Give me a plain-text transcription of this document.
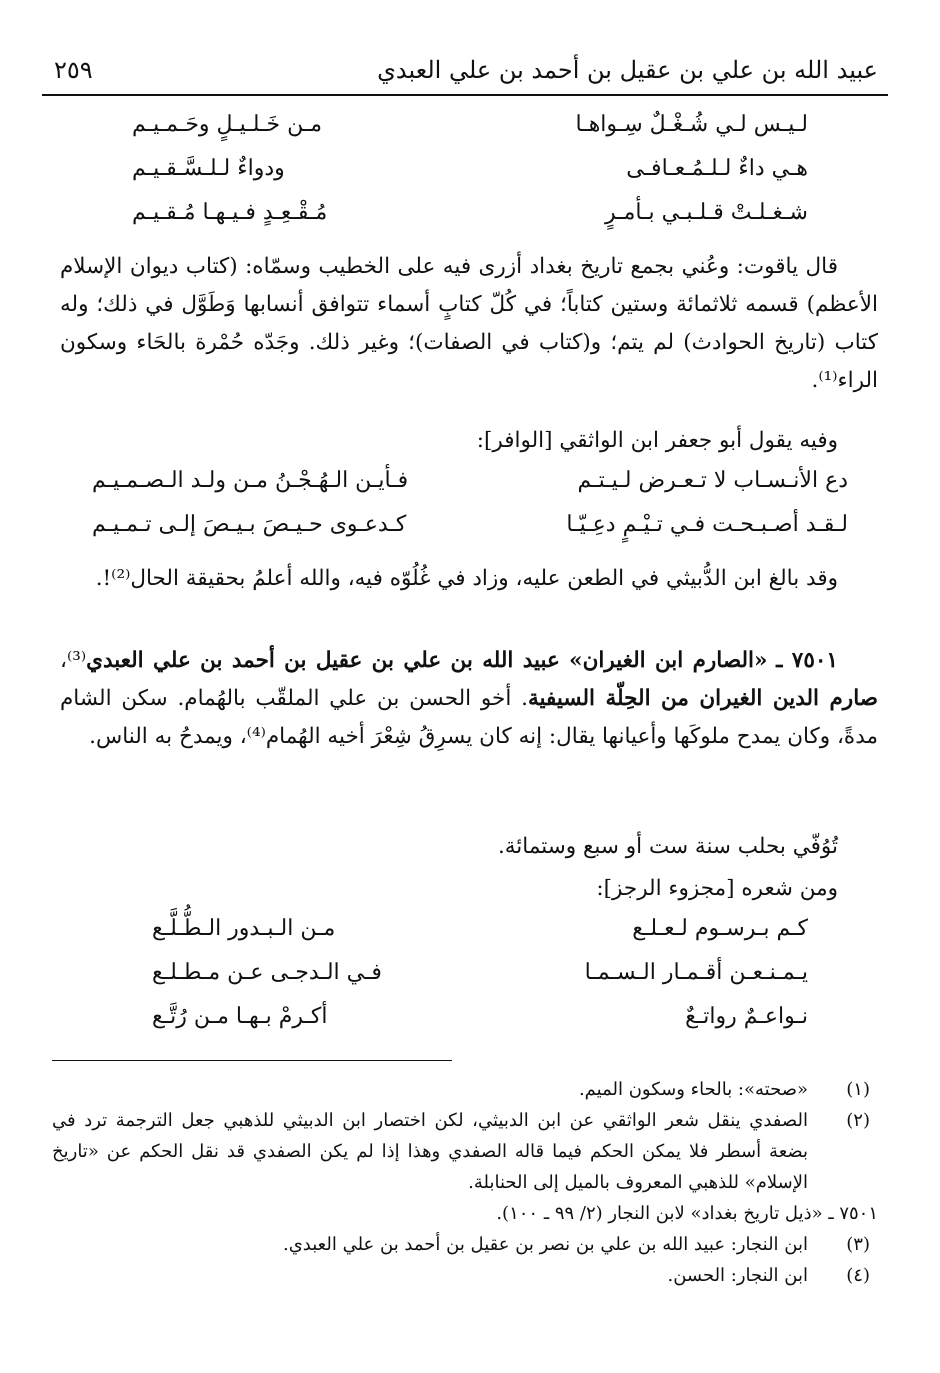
عبيد الله بن علي بن عقيل بن أحمد بن علي العبدي
٢٥٩
لـيـس لـي شُـغْـلٌ سِـواهـا
مـن خَـلـيـلٍ وحَـمـيـم
هـي داءٌ لـلـمُـعـافـى
ودواءٌ لـلـسَّـقـيـم
شـغـلـتْ قـلـبـي بـأمـرٍ
مُـقْـعِـدٍ فـيـهـا مُـقـيـم
قال ياقوت: وعُني بجمع تاريخ بغداد أزرى فيه على الخطيب وسمّاه: (كتاب ديوان الإسلام الأعظم) قسمه ثلاثمائة وستين كتاباً؛ في كُلّ كتابٍ أسماء تتوافق أنسابها وَطَوَّل في ذلك؛ وله كتاب (تاريخ الحوادث) لم يتم؛ و(كتاب في الصفات)؛ وغير ذلك. وجَدّه حُمْرة بالحَاء وسكون الراء⁽¹⁾.
وفيه يقول أبو جعفر ابن الواثقي [الوافر]:
دع الأنـسـاب لا تـعـرض لـيـتـم
فـأيـن الـهُـجْـنُ مـن ولـد الـصـمـيـم
لـقـد أصـبـحـت فـي تـيْـمٍ دعِـيّـا
كـدعـوى حـيـصَ بـيـصَ إلـى تـمـيـم
وقد بالغ ابن الدُّبيثي في الطعن عليه، وزاد في غُلُوّه فيه، والله أعلمُ بحقيقة الحال⁽²⁾!.
٧٥٠١ ـ «الصارم ابن الغيران» عبيد الله بن علي بن عقيل بن أحمد بن علي العبدي⁽³⁾، صارم الدين الغيران من الحِلّة السيفية. أخو الحسن بن علي الملقّب بالهُمام. سكن الشام مدةً، وكان يمدح ملوكَها وأعيانها يقال: إنه كان يسرِقُ شِعْرَ أخيه الهُمام⁽⁴⁾، ويمدحُ به الناس.
تُوُفّي بحلب سنة ست أو سبع وستمائة.
ومن شعره [مجزوء الرجز]:
كـم بـرسـوم لـعـلـع
مـن الـبـدور الـطُّـلَّـع
يـمـنـعـن أقـمـار الـسـمـا
فـي الـدجـى عـن مـطـلـع
نـواعـمٌ رواتـعٌ
أكـرمْ بـهـا مـن رُتَّـع
(١)
«صحته»: بالحاء وسكون الميم.
(٢)
الصفدي ينقل شعر الواثقي عن ابن الدبيثي، لكن اختصار ابن الدبيثي للذهبي جعل الترجمة ترد في بضعة أسطر فلا يمكن الحكم فيما قاله الصفدي وهذا إذا لم يكن الصفدي قد نقل الحكم عن «تاريخ الإسلام» للذهبي المعروف بالميل إلى الحنابلة.
٧٥٠١ ـ «ذيل تاريخ بغداد» لابن النجار (٢/ ٩٩ ـ ١٠٠).
(٣)
ابن النجار: عبيد الله بن علي بن نصر بن عقيل بن أحمد بن علي العبدي.
(٤)
ابن النجار: الحسن.
